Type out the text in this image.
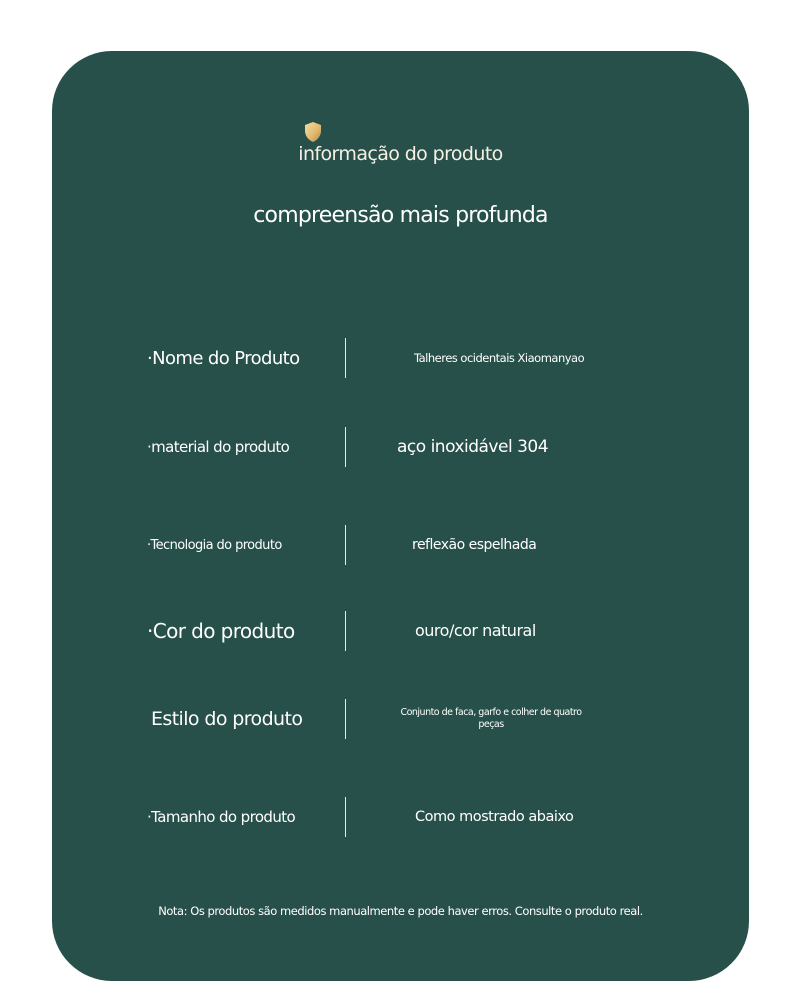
informação do produto
compreensão mais profunda
·Nome do Produto	Talheres ocidentais Xiaomanyao
·material do produto	aço inoxidável 304
·Tecnologia do produto	reflexão espelhada
·Cor do produto	ouro/cor natural
Estilo do produto	Conjunto de faca, garfo e colher de quatro peças
·Tamanho do produto	Como mostrado abaixo
Nota: Os produtos são medidos manualmente e pode haver erros. Consulte o produto real.
